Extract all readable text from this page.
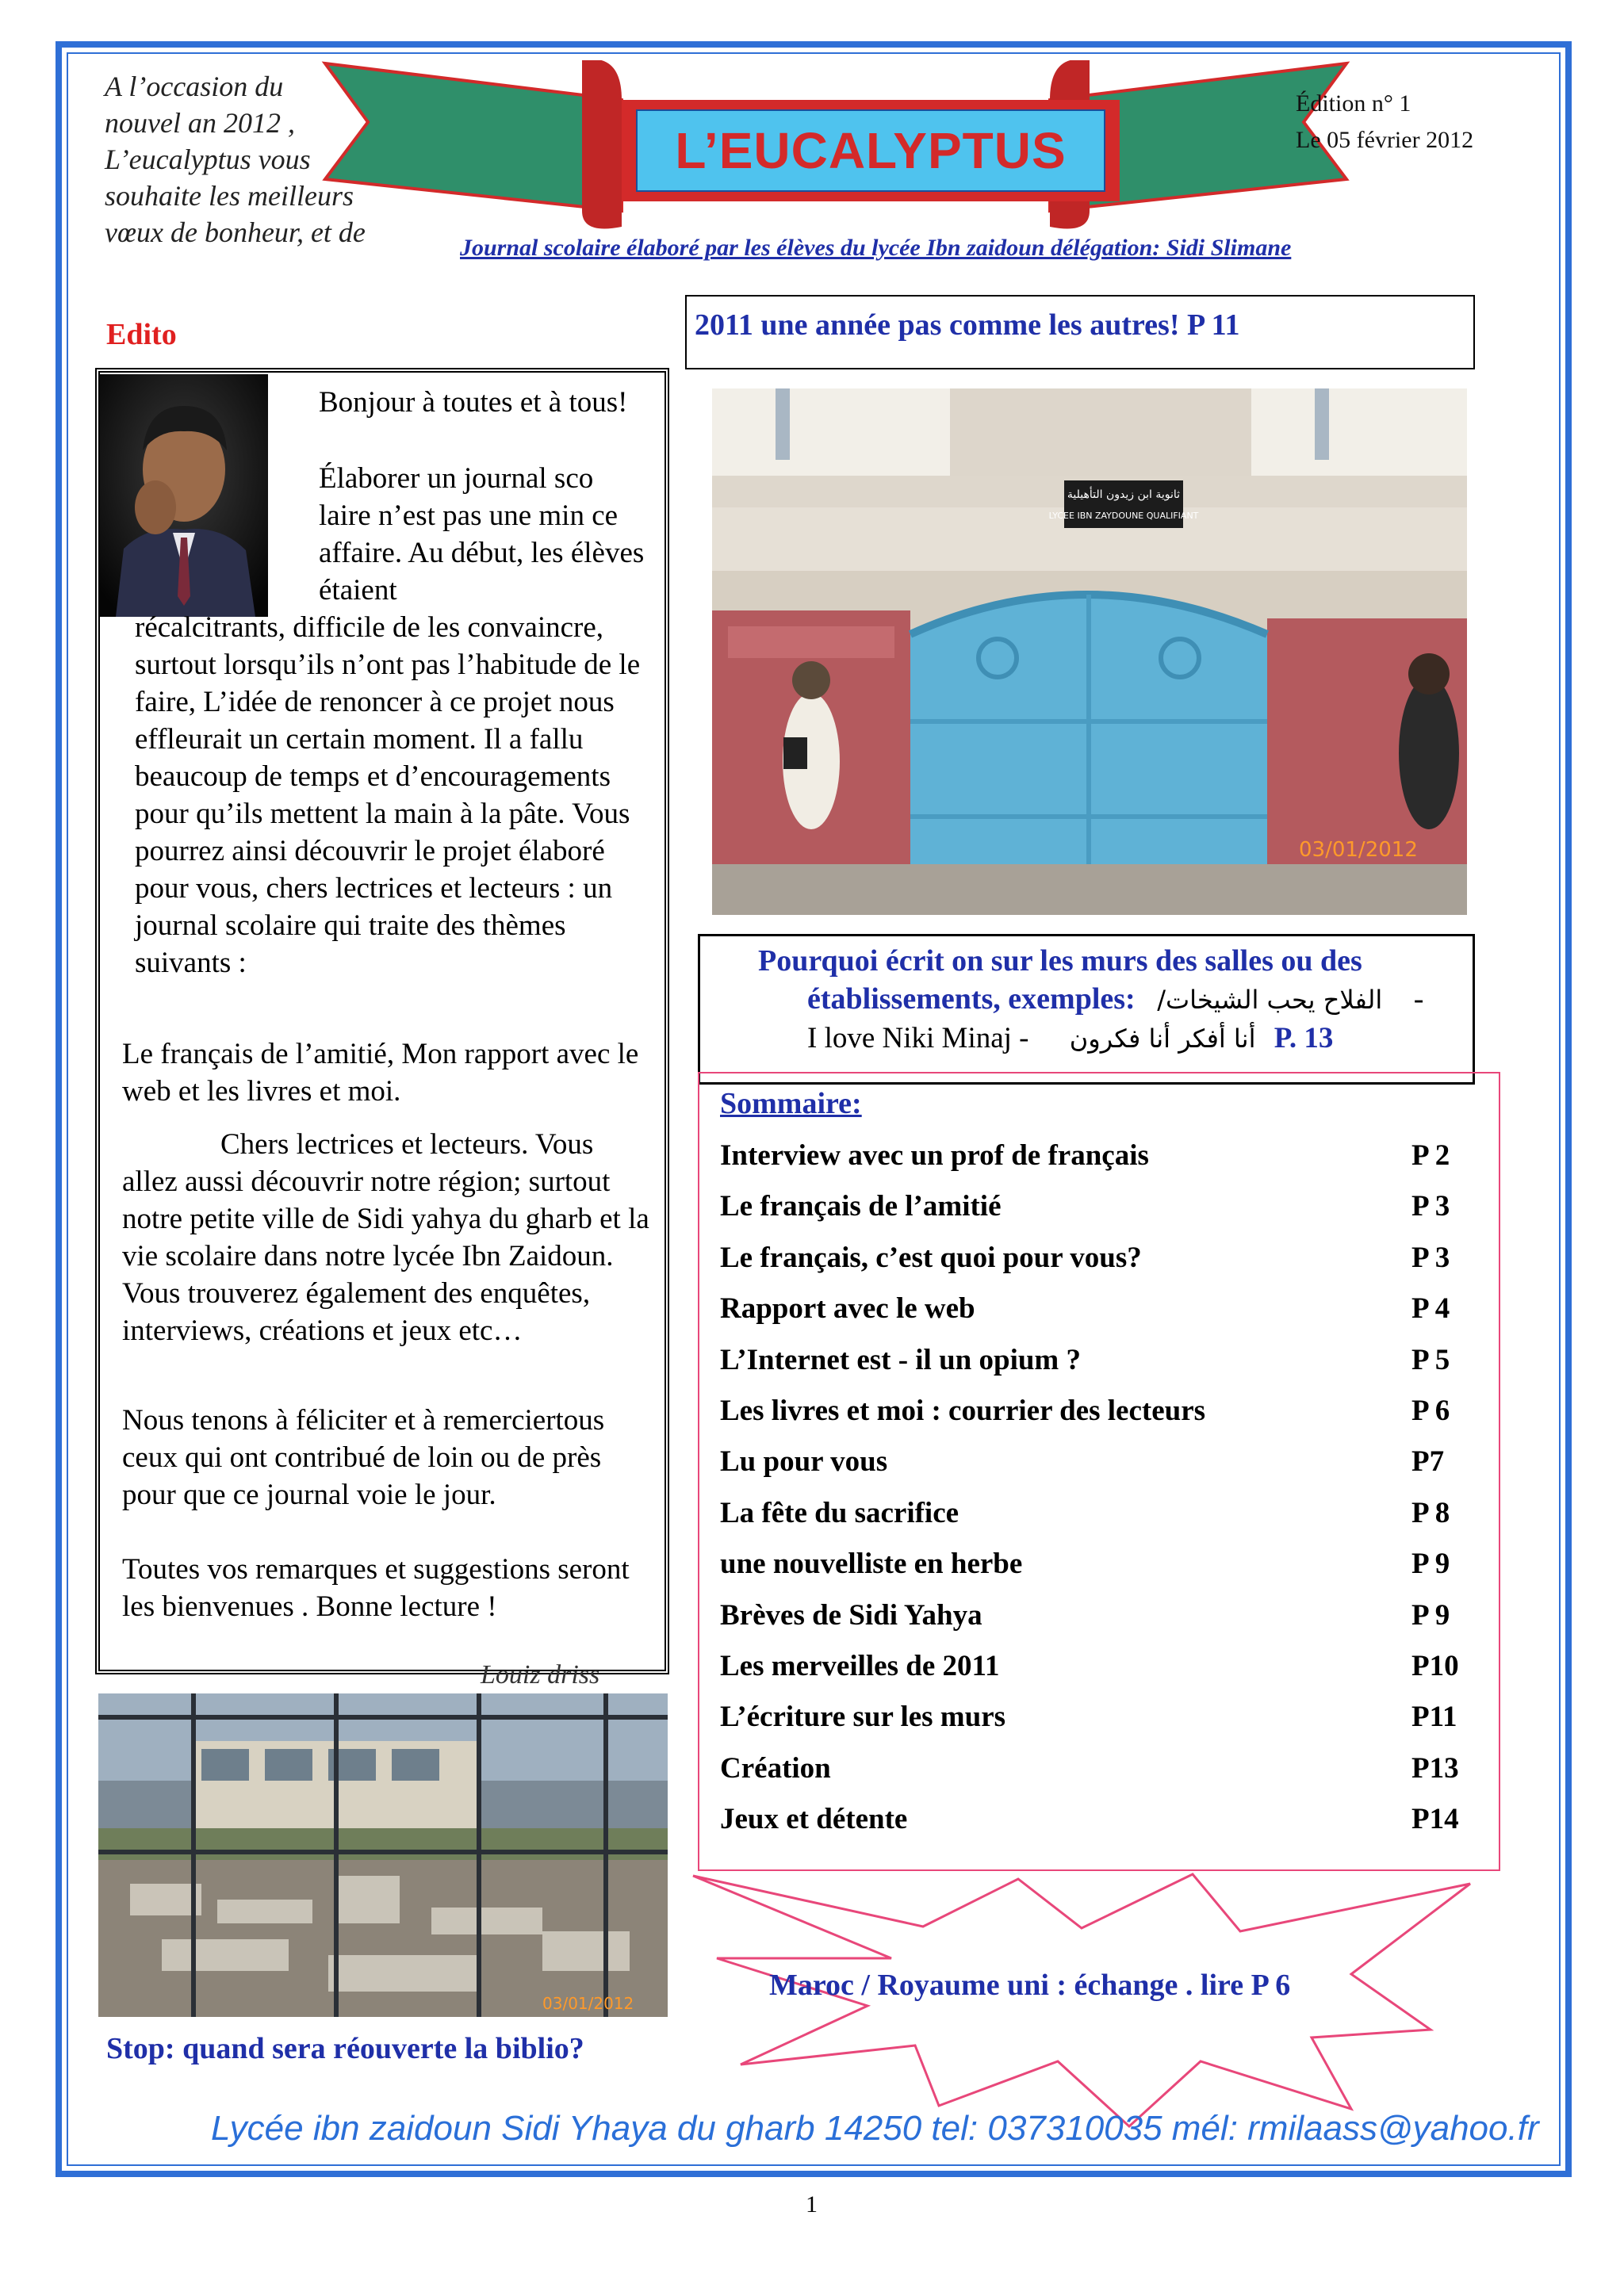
L’EUCALYPTUS
A l’occasion du nouvel an 2012 , L’eucalyptus vous souhaite les meilleurs vœux de bonheur, et de
Édition n° 1
Le 05 février 2012
Journal scolaire élaboré par les élèves du lycée Ibn zaidoun délégation: Sidi Slimane
Edito
Bonjour à toutes et à tous!
Élaborer un journal sco laire n’est pas une min ce affaire. Au début, les élèves étaient
récalcitrants, difficile de les convaincre, surtout lorsqu’ils n’ont pas l’habitude de le faire, L’idée de renoncer à ce projet nous effleurait un certain moment. Il a fallu beaucoup de temps et d’encouragements pour qu’ils mettent la main à la pâte. Vous pourrez ainsi découvrir le projet élaboré pour vous, chers lectrices et lecteurs : un journal scolaire qui traite des thèmes suivants :
Le français de l’amitié, Mon rapport avec le web et les livres et moi.
Chers lectrices et lecteurs. Vous allez aussi découvrir notre région; surtout notre petite ville de Sidi yahya du gharb et la vie scolaire dans notre lycée Ibn Zaidoun. Vous trouverez également des enquêtes, interviews, créations et jeux etc…
Nous tenons à féliciter et à remerciertous ceux qui ont contribué de loin ou de près pour que ce journal voie le jour.
Toutes vos remarques et suggestions seront les bienvenues . Bonne lecture !
Louiz driss
2011 une année pas comme les autres! P 11
ثانوية ابن زيدون التأهيلية
LYCEE IBN ZAYDOUNE QUALIFIANT
03/01/2012
Pourquoi écrit on sur les murs des salles ou des
établissements, exemples: الفلاح يحب الشيخات/ -
I love Niki Minaj - أنا أفكر أنا فكرون P. 13
Sommaire:
Interview avec un prof de français	P 2
Le français de l’amitié	P 3
Le français, c’est quoi pour vous?	P 3
Rapport avec le web	P 4
L’Internet est - il un opium ?	P 5
Les livres et moi : courrier des lecteurs	P 6
Lu pour vous	P7
La fête du sacrifice	P 8
une nouvelliste en herbe	P 9
Brèves de Sidi Yahya	P 9
Les merveilles de 2011	P10
L’écriture sur les murs	P11
Création	P13
Jeux et détente	P14
03/01/2012
Stop: quand sera réouverte la biblio?
Maroc / Royaume uni : échange . lire P 6
Lycée ibn zaidoun Sidi Yhaya du gharb 14250 tel: 037310035 mél: rmilaass@yahoo.fr
1
